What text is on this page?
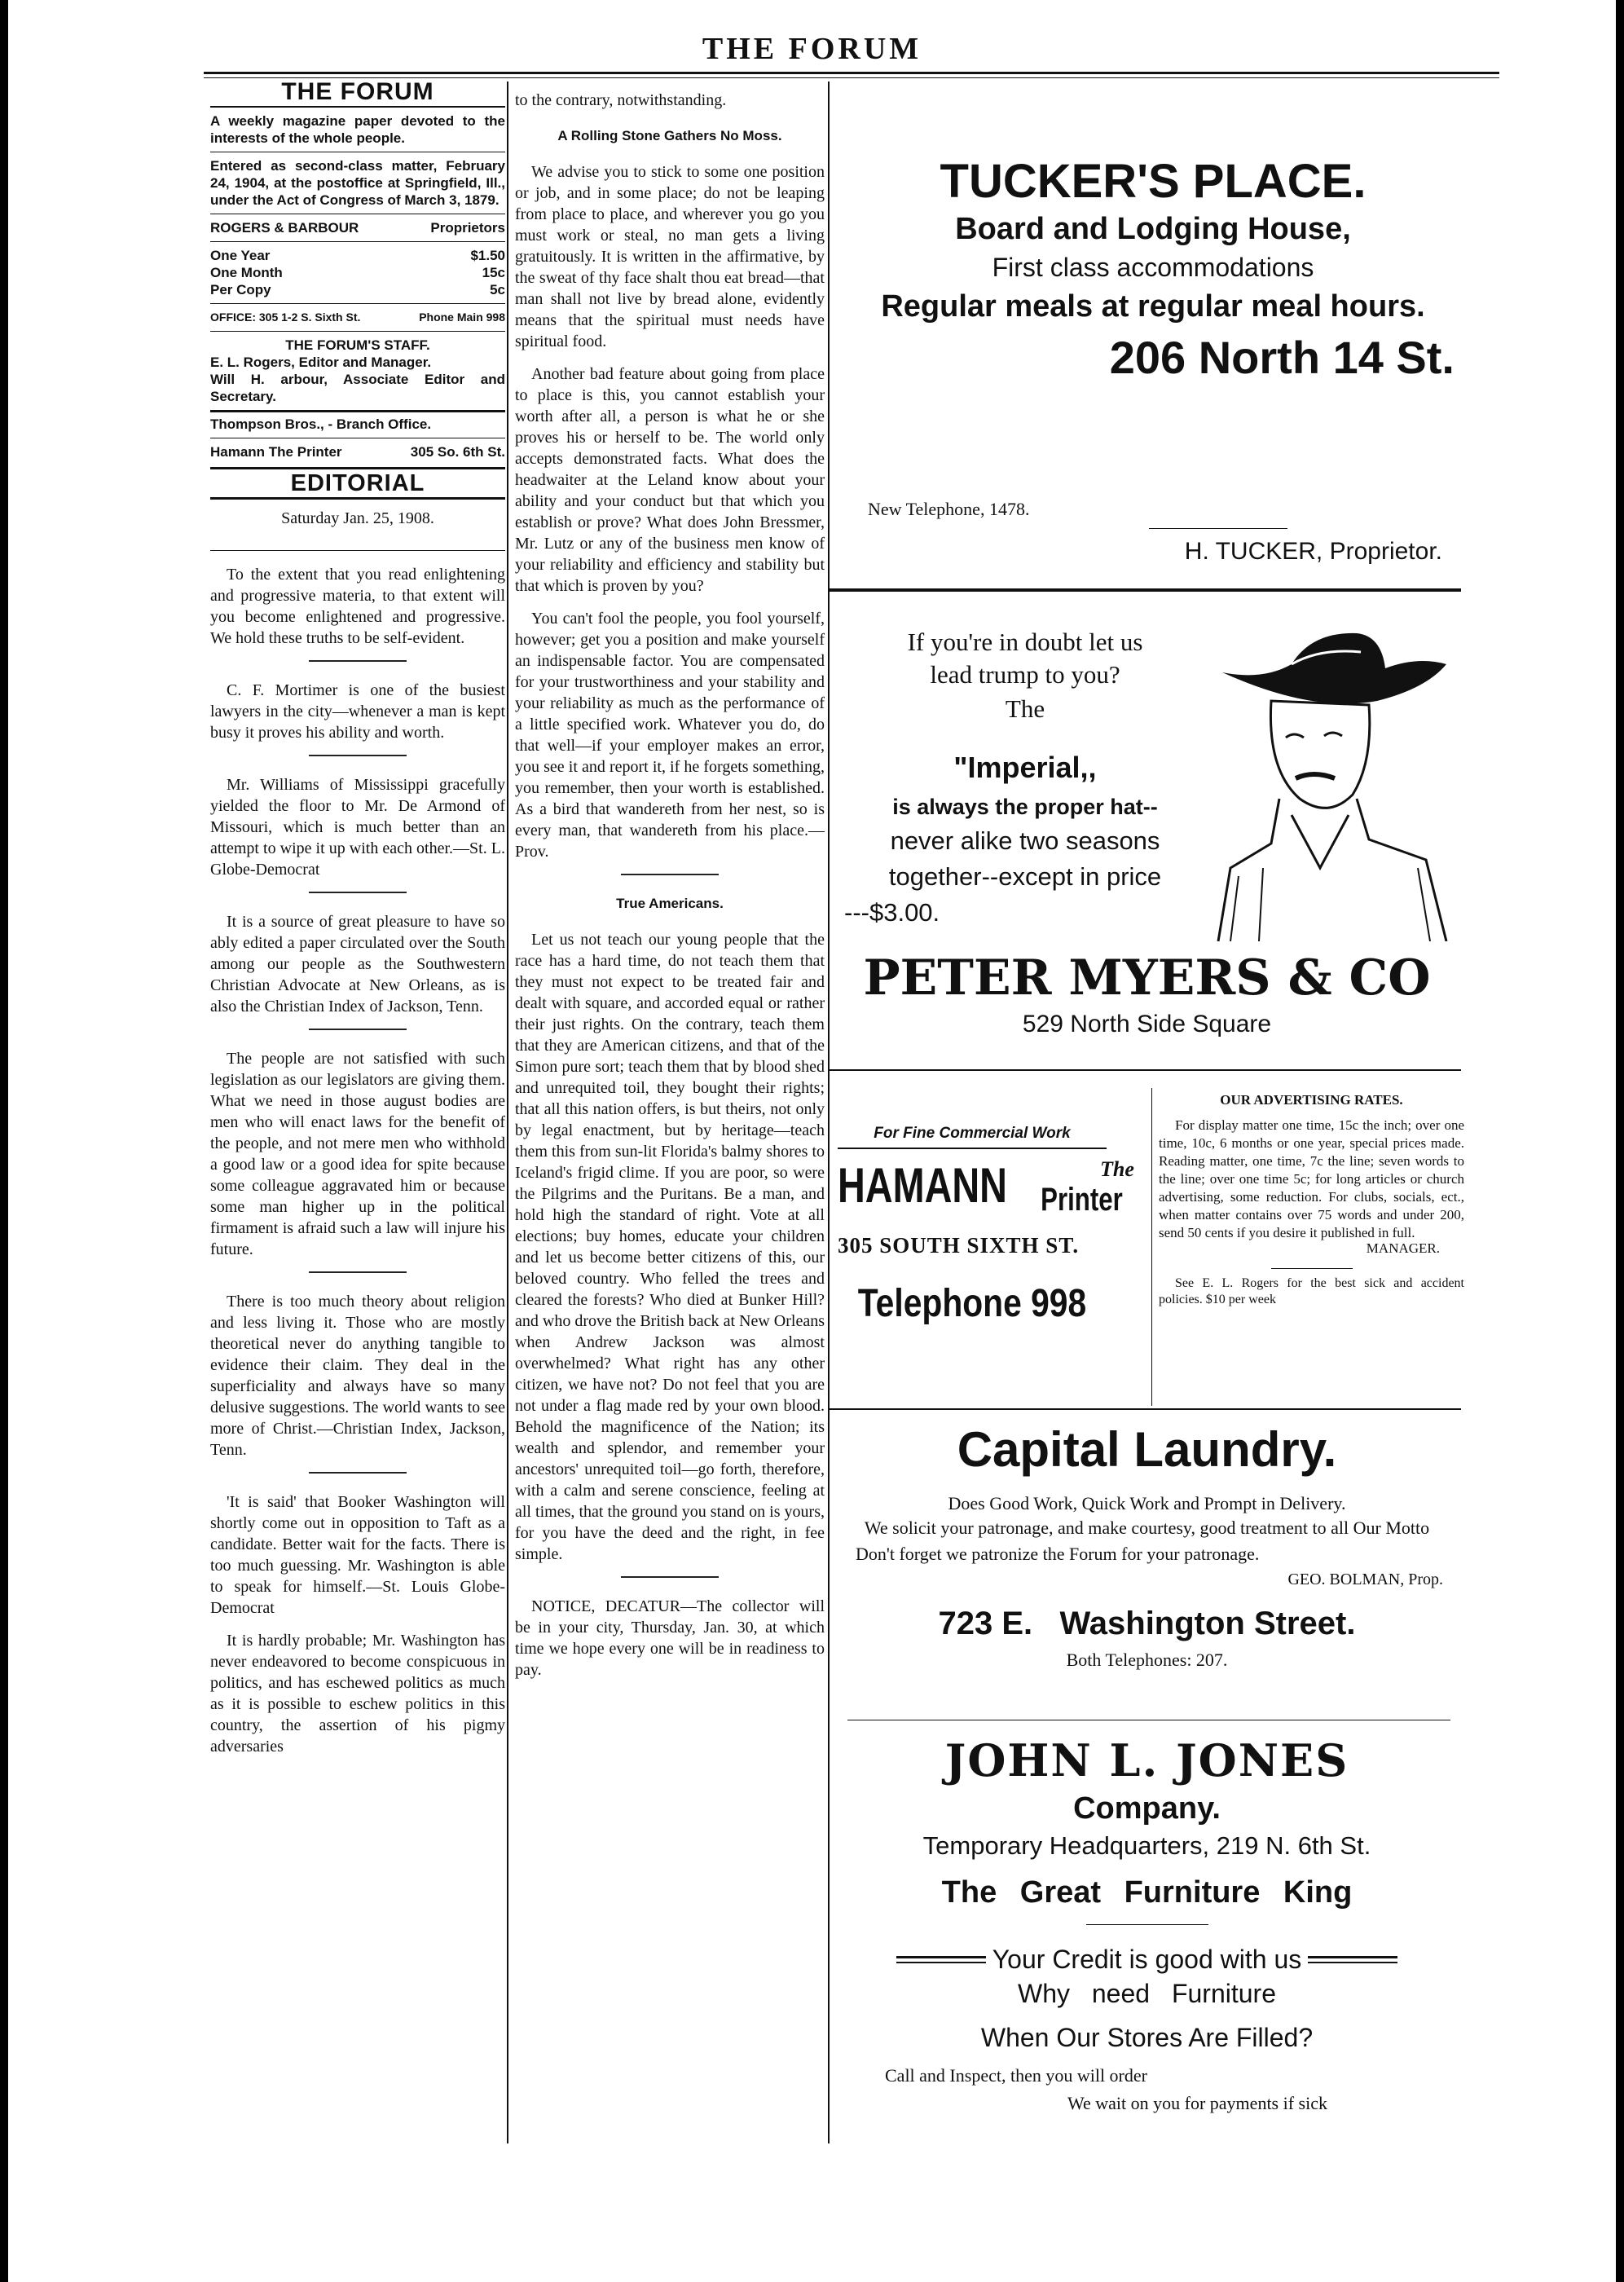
THE FORUM
THE FORUM
A weekly magazine paper devoted to the interests of the whole people.
Entered as second-class matter, February 24, 1904, at the postoffice at Springfield, Ill., under the Act of Congress of March 3, 1879.
ROGERS & BARBOUR	Proprietors
One Year	$1.50
One Month	15c
Per Copy	5c
OFFICE: 305 1-2 S. Sixth St.	Phone Main 998
THE FORUM'S STAFF.
E. L. Rogers, Editor and Manager.
Will H. arbour, Associate Editor and Secretary.
Thompson Bros., - Branch Office.
Hamann The Printer	305 So. 6th St.
EDITORIAL
Saturday Jan. 25, 1908.

To the extent that you read enlightening and progressive materia, to that extent will you become enlightened and progressive. We hold these truths to be self-evident.

C. F. Mortimer is one of the busiest lawyers in the city—whenever a man is kept busy it proves his ability and worth.

Mr. Williams of Mississippi gracefully yielded the floor to Mr. De Armond of Missouri, which is much better than an attempt to wipe it up with each other.—St. L. Globe-Democrat

It is a source of great pleasure to have so ably edited a paper circulated over the South among our people as the Southwestern Christian Advocate at New Orleans, as is also the Christian Index of Jackson, Tenn.

The people are not satisfied with such legislation as our legislators are giving them. What we need in those august bodies are men who will enact laws for the benefit of the people, and not mere men who withhold a good law or a good idea for spite because some colleague aggravated him or because some man higher up in the political firmament is afraid such a law will injure his future.

There is too much theory about religion and less living it. Those who are mostly theoretical never do anything tangible to evidence their claim. They deal in the superficiality and always have so many delusive suggestions. The world wants to see more of Christ.—Christian Index, Jackson, Tenn.

'It is said' that Booker Washington will shortly come out in opposition to Taft as a candidate. Better wait for the facts. There is too much guessing. Mr. Washington is able to speak for himself.—St. Louis Globe-Democrat

It is hardly probable; Mr. Washington has never endeavored to become conspicuous in politics, and has eschewed politics as much as it is possible to eschew politics in this country, the assertion of his pigmy adversaries

to the contrary, notwithstanding.
A Rolling Stone Gathers No Moss.

We advise you to stick to some one position or job, and in some place; do not be leaping from place to place, and wherever you go you must work or steal, no man gets a living gratuitously. It is written in the affirmative, by the sweat of thy face shalt thou eat bread—that man shall not live by bread alone, evidently means that the spiritual must needs have spiritual food.

Another bad feature about going from place to place is this, you cannot establish your worth after all, a person is what he or she proves his or herself to be. The world only accepts demonstrated facts. What does the headwaiter at the Leland know about your ability and your conduct but that which you establish or prove? What does John Bressmer, Mr. Lutz or any of the business men know of your reliability and efficiency and stability but that which is proven by you?

You can't fool the people, you fool yourself, however; get you a position and make yourself an indispensable factor. You are compensated for your trustworthiness and your stability and your reliability as much as the performance of a little specified work. Whatever you do, do that well—if your employer makes an error, you see it and report it, if he forgets something, you remember, then your worth is established. As a bird that wandereth from her nest, so is every man, that wandereth from his place.—Prov.

True Americans.

Let us not teach our young people that the race has a hard time, do not teach them that they must not expect to be treated fair and dealt with square, and accorded equal or rather their just rights. On the contrary, teach them that they are American citizens, and that of the Simon pure sort; teach them that by blood shed and unrequited toil, they bought their rights; that all this nation offers, is but theirs, not only by legal enactment, but by heritage—teach them this from sun-lit Florida's balmy shores to Iceland's frigid clime. If you are poor, so were the Pilgrims and the Puritans. Be a man, and hold high the standard of right. Vote at all elections; buy homes, educate your children and let us become better citizens of this, our beloved country. Who felled the trees and cleared the forests? Who died at Bunker Hill? and who drove the British back at New Orleans when Andrew Jackson was almost overwhelmed? What right has any other citizen, we have not? Do not feel that you are not under a flag made red by your own blood. Behold the magnificence of the Nation; its wealth and splendor, and remember your ancestors' unrequited toil—go forth, therefore, with a calm and serene conscience, feeling at all times, that the ground you stand on is yours, for you have the deed and the right, in fee simple.

NOTICE, DECATUR—The collector will be in your city, Thursday, Jan. 30, at which time we hope every one will be in readiness to pay.

TUCKER'S PLACE.
Board and Lodging House,
First class accommodations
Regular meals at regular meal hours.
206 North 14 St.
New Telephone, 1478.
H. TUCKER, Proprietor.
If you're in doubt let us
lead trump to you?
The
"Imperial,,
is always the proper hat--
never alike two seasons
together--except in price
---$3.00.
PETER MYERS & CO
529 North Side Square
For Fine Commercial Work
HAMANN	The
Printer
305 SOUTH SIXTH ST.
Telephone 998
OUR ADVERTISING RATES.
For display matter one time, 15c the inch; over one time, 10c, 6 months or one year, special prices made. Reading matter, one time, 7c the line; seven words to the line; over one time 5c; for long articles or church advertising, some reduction. For clubs, socials, ect., when matter contains over 75 words and under 200, send 50 cents if you desire it published in full.
MANAGER.
See E. L. Rogers for the best sick and accident policies. $10 per week
Capital Laundry.
Does Good Work, Quick Work and Prompt in Delivery.
We solicit your patronage, and make courtesy, good treatment to all Our Motto
Don't forget we patronize the Forum for your patronage.
GEO. BOLMAN, Prop.
723 E.   Washington Street.
Both Telephones: 207.
JOHN L. JONES
Company.
Temporary Headquarters, 219 N. 6th St.
The Great Furniture King
Your Credit is good with us
Why need Furniture
When Our Stores Are Filled?
Call and Inspect, then you will order
We wait on you for payments if sick
